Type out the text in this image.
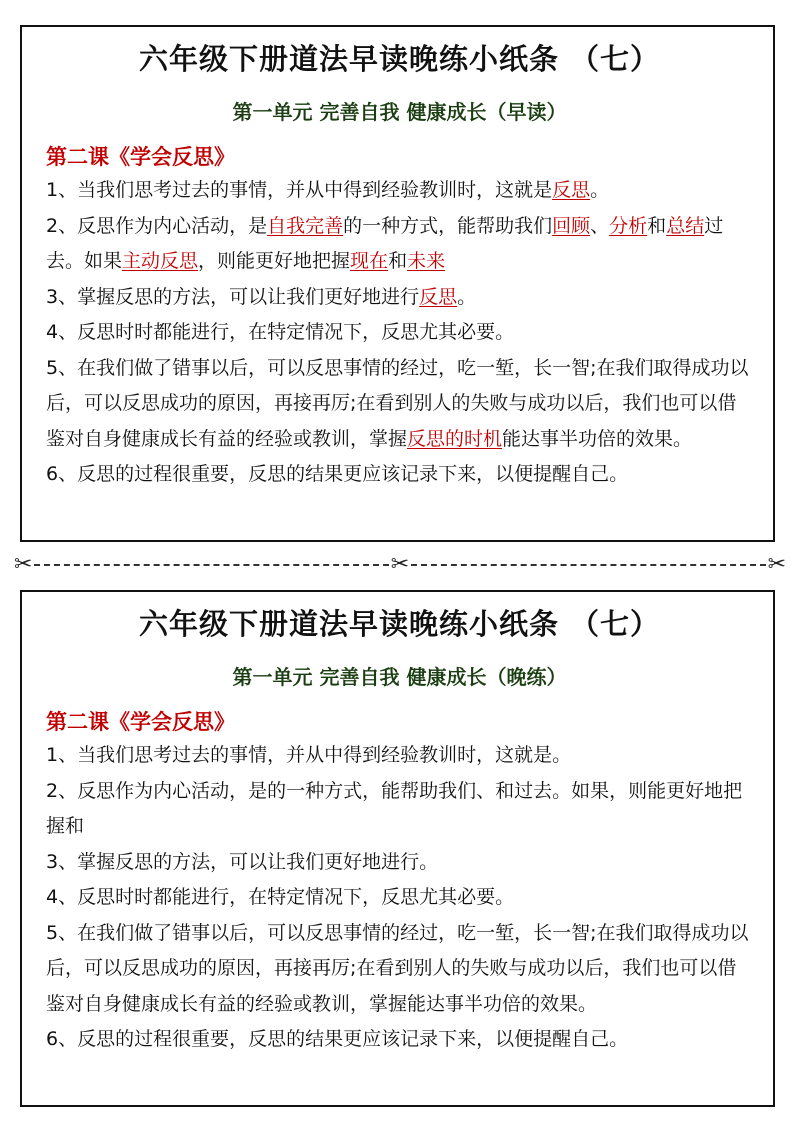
六年级下册道法早读晚练小纸条 （七）
第一单元 完善自我 健康成长（早读）
第二课《学会反思》

1、当我们思考过去的事情，并从中得到经验教训时，这就是反思。

2、反思作为内心活动，是自我完善的一种方式，能帮助我们回顾、分析和总结过去。如果主动反思，则能更好地把握现在和未来

3、掌握反思的方法，可以让我们更好地进行反思。

4、反思时时都能进行，在特定情况下，反思尤其必要。

5、在我们做了错事以后，可以反思事情的经过，吃一堑，长一智;在我们取得成功以后，可以反思成功的原因，再接再厉;在看到别人的失败与成功以后，我们也可以借鉴对自身健康成长有益的经验或教训，掌握反思的时机能达事半功倍的效果。

6、反思的过程很重要，反思的结果更应该记录下来，以便提醒自己。

✂	✂	✂
六年级下册道法早读晚练小纸条 （七）
第一单元 完善自我 健康成长（晚练）
第二课《学会反思》

1、当我们思考过去的事情，并从中得到经验教训时，这就是。

2、反思作为内心活动，是的一种方式，能帮助我们、和过去。如果，则能更好地把握和

3、掌握反思的方法，可以让我们更好地进行。

4、反思时时都能进行，在特定情况下，反思尤其必要。

5、在我们做了错事以后，可以反思事情的经过，吃一堑，长一智;在我们取得成功以后，可以反思成功的原因，再接再厉;在看到别人的失败与成功以后，我们也可以借鉴对自身健康成长有益的经验或教训，掌握能达事半功倍的效果。

6、反思的过程很重要，反思的结果更应该记录下来，以便提醒自己。
